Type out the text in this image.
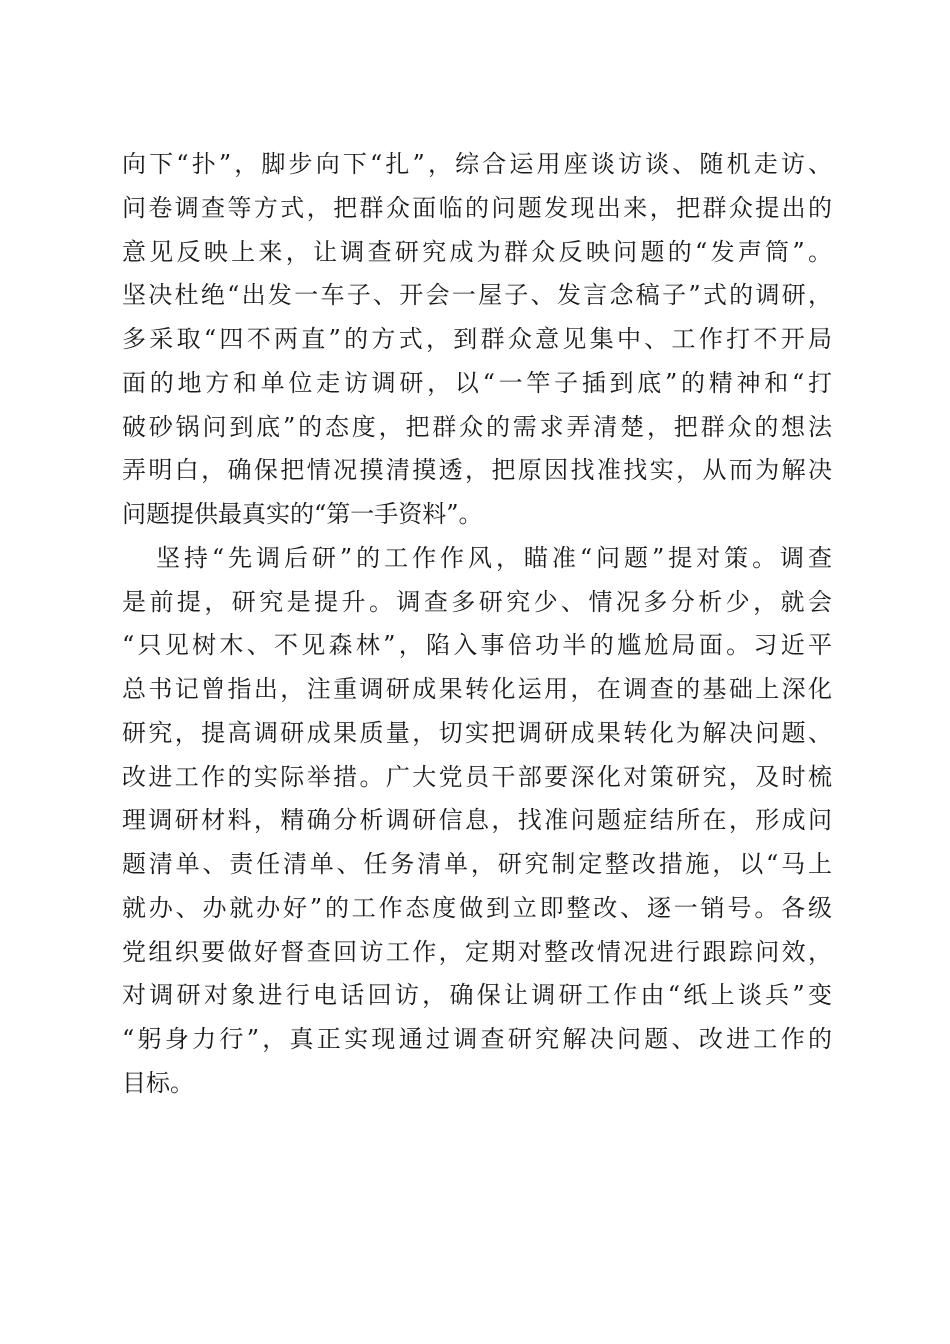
向下“扑”，脚步向下“扎”，综合运用座谈访谈、随机走访、
问卷调查等方式，把群众面临的问题发现出来，把群众提出的
意见反映上来，让调查研究成为群众反映问题的“发声筒”。
坚决杜绝“出发一车子、开会一屋子、发言念稿子”式的调研，
多采取“四不两直”的方式，到群众意见集中、工作打不开局
面的地方和单位走访调研，以“一竿子插到底”的精神和“打
破砂锅问到底”的态度，把群众的需求弄清楚，把群众的想法
弄明白，确保把情况摸清摸透，把原因找准找实，从而为解决
问题提供最真实的“第一手资料”。
　坚持“先调后研”的工作作风，瞄准“问题”提对策。调查
是前提，研究是提升。调查多研究少、情况多分析少，就会
“只见树木、不见森林”，陷入事倍功半的尴尬局面。习近平
总书记曾指出，注重调研成果转化运用，在调查的基础上深化
研究，提高调研成果质量，切实把调研成果转化为解决问题、
改进工作的实际举措。广大党员干部要深化对策研究，及时梳
理调研材料，精确分析调研信息，找准问题症结所在，形成问
题清单、责任清单、任务清单，研究制定整改措施，以“马上
就办、办就办好”的工作态度做到立即整改、逐一销号。各级
党组织要做好督查回访工作，定期对整改情况进行跟踪问效，
对调研对象进行电话回访，确保让调研工作由“纸上谈兵”变
“躬身力行”，真正实现通过调查研究解决问题、改进工作的
目标。
